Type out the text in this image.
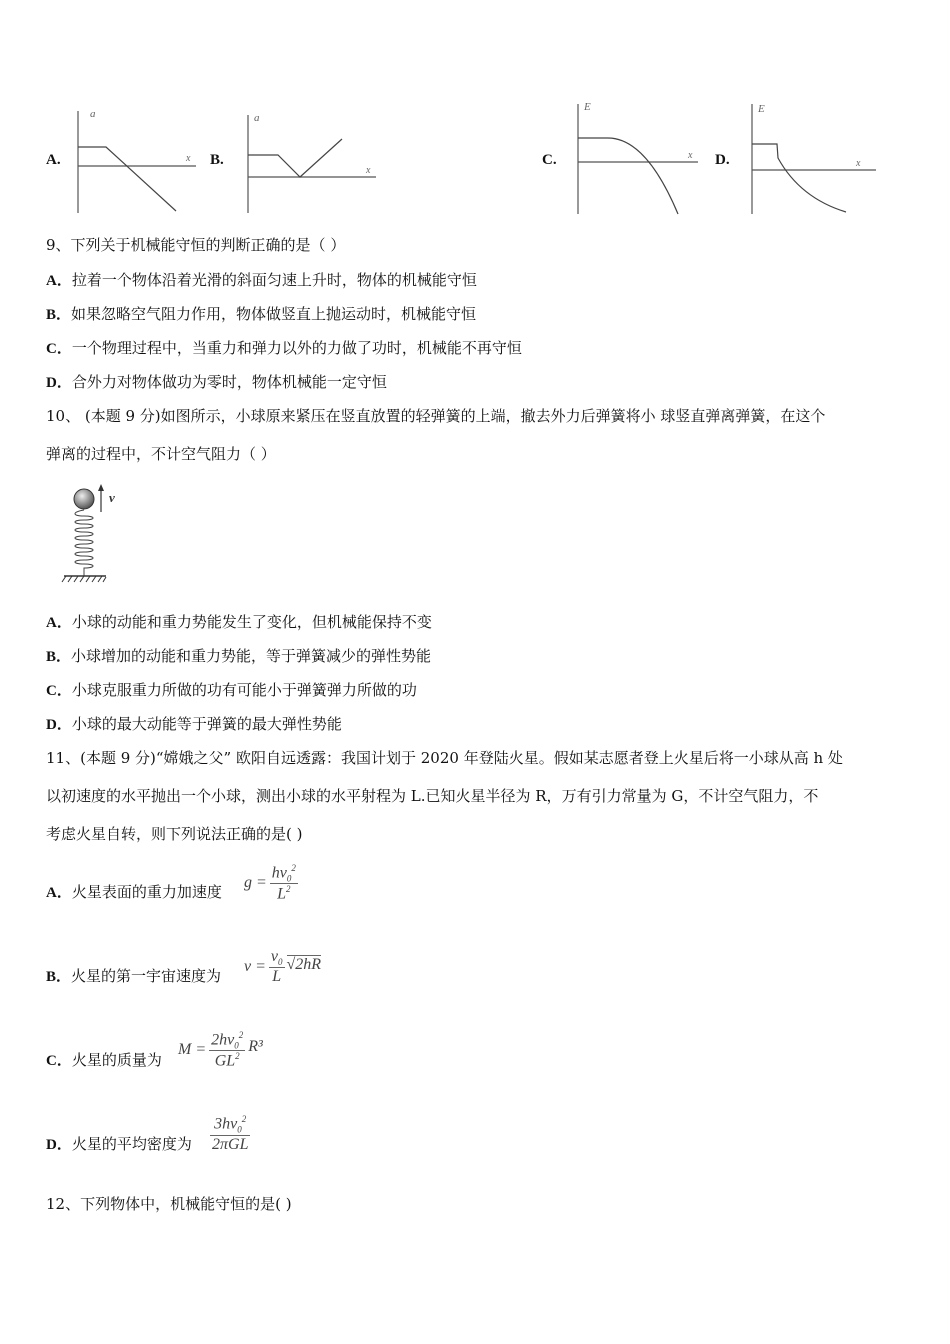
A.
a
x B.
a
x
C.
E
x D.
E
x
9、下列关于机械能守恒的判断正确的是（ ）
A．拉着一个物体沿着光滑的斜面匀速上升时，物体的机械能守恒
B．如果忽略空气阻力作用，物体做竖直上抛运动时，机械能守恒
C．一个物理过程中，当重力和弹力以外的力做了功时，机械能不再守恒
D．合外力对物体做功为零时，物体机械能一定守恒
10、 (本题 9 分)如图所示，小球原来紧压在竖直放置的轻弹簧的上端，撤去外力后弹簧将小 球竖直弹离弹簧，在这个
弹离的过程中，不计空气阻力（ ）
v
A．小球的动能和重力势能发生了变化，但机械能保持不变
B．小球增加的动能和重力势能，等于弹簧减少的弹性势能
C．小球克服重力所做的功有可能小于弹簧弹力所做的功
D．小球的最大动能等于弹簧的最大弹性势能
11、(本题 9 分)“嫦娥之父” 欧阳自远透露：我国计划于 2020 年登陆火星。假如某志愿者登上火星后将一小球从高 h 处
以初速度的水平抛出一个小球，测出小球的水平射程为 L.已知火星半径为 R，万有引力常量为 G，不计空气阻力，不
考虑火星自转，则下列说法正确的是( )
A．火星表面的重力加速度
$g = \frac{hv_0^2}{L^2}$
B．火星的第一宇宙速度为
$v = \frac{v_0}{L} √2hR$
C．火星的质量为
$M = \frac{2hv_0^2}{GL^2} R^3$
D．火星的平均密度为 $\frac{3hv_0^2}{\text{2πGL}}$
12、下列物体中，机械能守恒的是( )
